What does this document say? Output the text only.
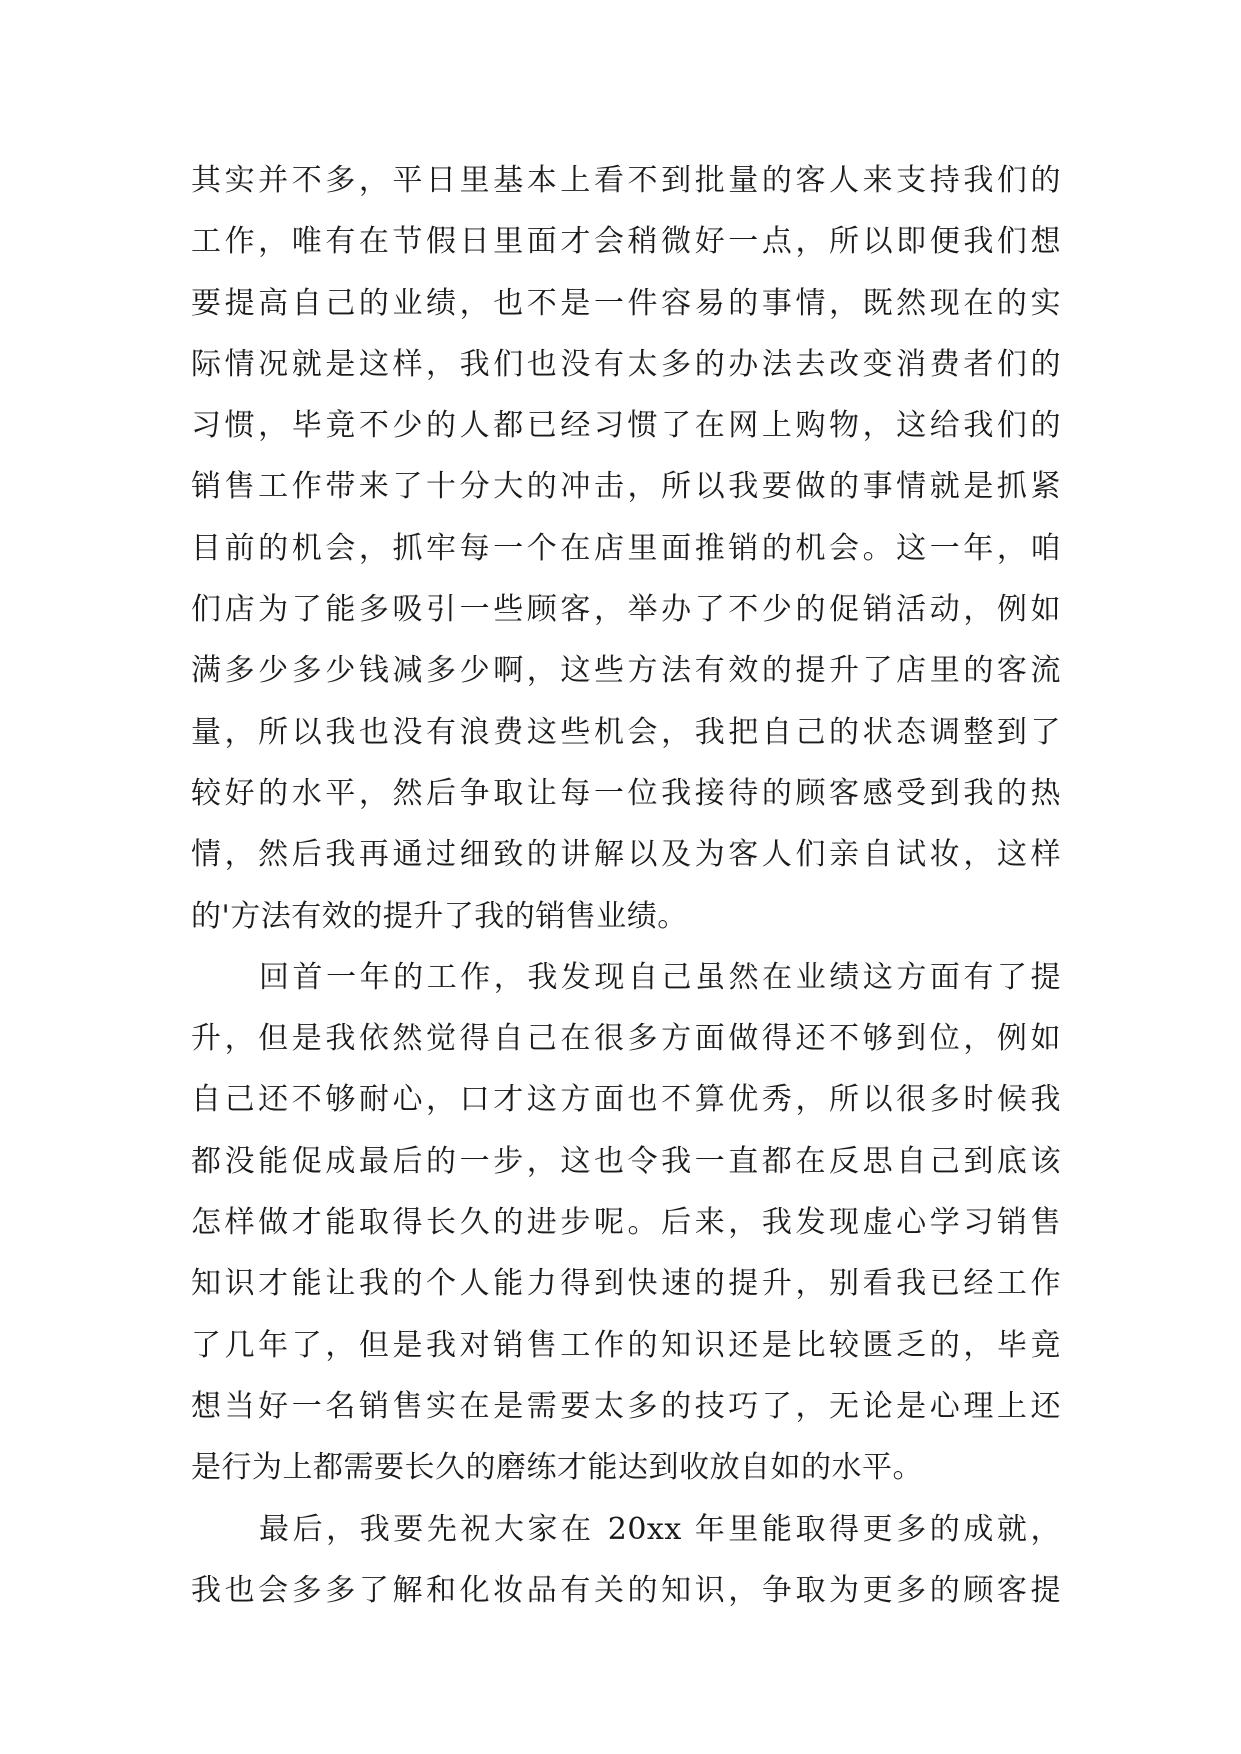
其实并不多，平日里基本上看不到批量的客人来支持我们的
工作，唯有在节假日里面才会稍微好一点，所以即便我们想
要提高自己的业绩，也不是一件容易的事情，既然现在的实
际情况就是这样，我们也没有太多的办法去改变消费者们的
习惯，毕竟不少的人都已经习惯了在网上购物，这给我们的
销售工作带来了十分大的冲击，所以我要做的事情就是抓紧
目前的机会，抓牢每一个在店里面推销的机会。这一年，咱
们店为了能多吸引一些顾客，举办了不少的促销活动，例如
满多少多少钱减多少啊，这些方法有效的提升了店里的客流
量，所以我也没有浪费这些机会，我把自己的状态调整到了
较好的水平，然后争取让每一位我接待的顾客感受到我的热
情，然后我再通过细致的讲解以及为客人们亲自试妆，这样
的'方法有效的提升了我的销售业绩。
回首一年的工作，我发现自己虽然在业绩这方面有了提
升，但是我依然觉得自己在很多方面做得还不够到位，例如
自己还不够耐心，口才这方面也不算优秀，所以很多时候我
都没能促成最后的一步，这也令我一直都在反思自己到底该
怎样做才能取得长久的进步呢。后来，我发现虚心学习销售
知识才能让我的个人能力得到快速的提升，别看我已经工作
了几年了，但是我对销售工作的知识还是比较匮乏的，毕竟
想当好一名销售实在是需要太多的技巧了，无论是心理上还
是行为上都需要长久的磨练才能达到收放自如的水平。
最后，我要先祝大家在 20xx 年里能取得更多的成就，
我也会多多了解和化妆品有关的知识，争取为更多的顾客提
